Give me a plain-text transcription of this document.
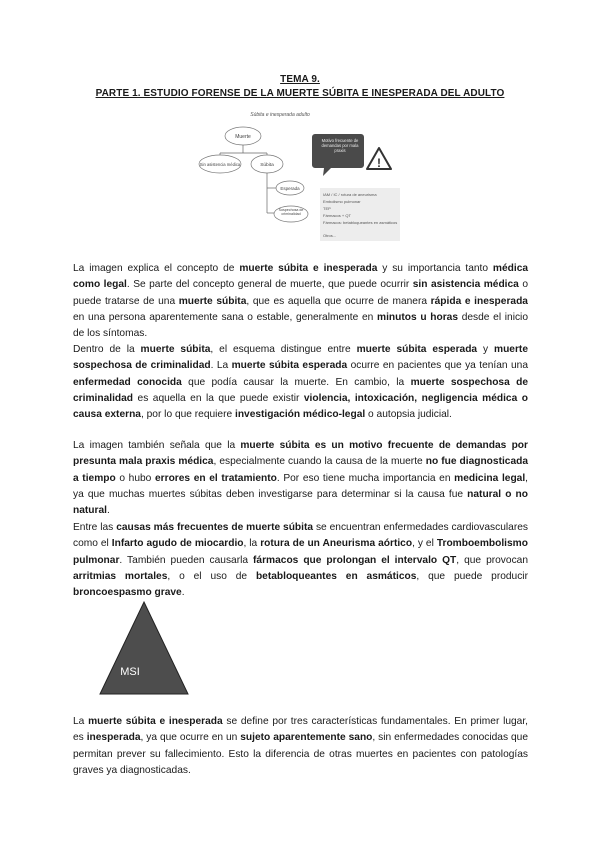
TEMA 9.
PARTE 1. ESTUDIO FORENSE DE LA MUERTE SÚBITA E INESPERADA DEL ADULTO
Súbita e inesperada adulto
Muerte
Sin asistencia médica	Súbita
Esperada
Sospechosa de criminalidad
Motivo frecuente de demandas por mala praxis
!
IAM / IC / rotura de aneurisma
Embolismo pulmonar
TEP
Fármacos + QT
Fármacos: betabloqueantes en asmáticos
Otros...

La imagen explica el concepto de muerte súbita e inesperada y su importancia tanto médica como legal. Se parte del concepto general de muerte, que puede ocurrir sin asistencia médica o puede tratarse de una muerte súbita, que es aquella que ocurre de manera rápida e inesperada en una persona aparentemente sana o estable, generalmente en minutos u horas desde el inicio de los síntomas.

Dentro de la muerte súbita, el esquema distingue entre muerte súbita esperada y muerte sospechosa de criminalidad. La muerte súbita esperada ocurre en pacientes que ya tenían una enfermedad conocida que podía causar la muerte. En cambio, la muerte sospechosa de criminalidad es aquella en la que puede existir violencia, intoxicación, negligencia médica o causa externa, por lo que requiere investigación médico-legal o autopsia judicial.

La imagen también señala que la muerte súbita es un motivo frecuente de demandas por presunta mala praxis médica, especialmente cuando la causa de la muerte no fue diagnosticada a tiempo o hubo errores en el tratamiento. Por eso tiene mucha importancia en medicina legal, ya que muchas muertes súbitas deben investigarse para determinar si la causa fue natural o no natural.

Entre las causas más frecuentes de muerte súbita se encuentran enfermedades cardiovasculares como el Infarto agudo de miocardio, la rotura de un Aneurisma aórtico, y el Tromboembolismo pulmonar. También pueden causarla fármacos que prolongan el intervalo QT, que provocan arritmias mortales, o el uso de betabloqueantes en asmáticos, que puede producir broncoespasmo grave.

MSI

La muerte súbita e inesperada se define por tres características fundamentales. En primer lugar, es inesperada, ya que ocurre en un sujeto aparentemente sano, sin enfermedades conocidas que permitan prever su fallecimiento. Esto la diferencia de otras muertes en pacientes con patologías graves ya diagnosticadas.
